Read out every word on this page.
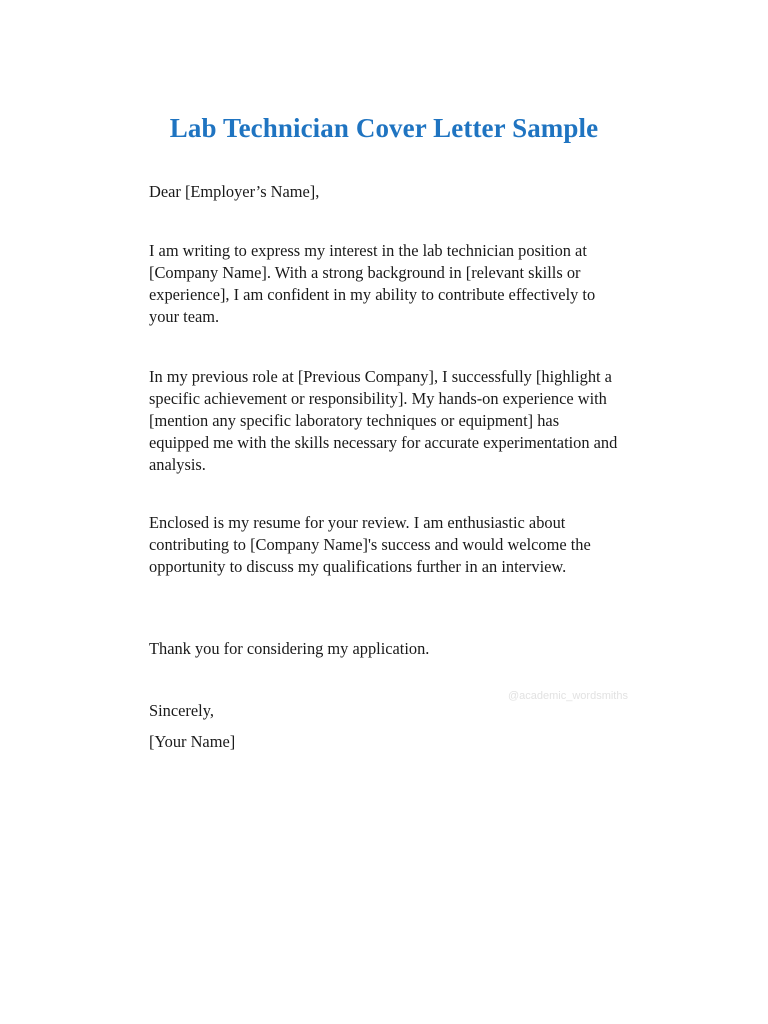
Lab Technician Cover Letter Sample

Dear [Employer’s Name],

I am writing to express my interest in the lab technician position at [Company Name]. With a strong background in [relevant skills or experience], I am confident in my ability to contribute effectively to your team.

In my previous role at [Previous Company], I successfully [highlight a specific achievement or responsibility]. My hands-on experience with [mention any specific laboratory techniques or equipment] has equipped me with the skills necessary for accurate experimentation and analysis.

Enclosed is my resume for your review. I am enthusiastic about contributing to [Company Name]'s success and would welcome the opportunity to discuss my qualifications further in an interview.

Thank you for considering my application.

@academic_wordsmiths

Sincerely,

[Your Name]
